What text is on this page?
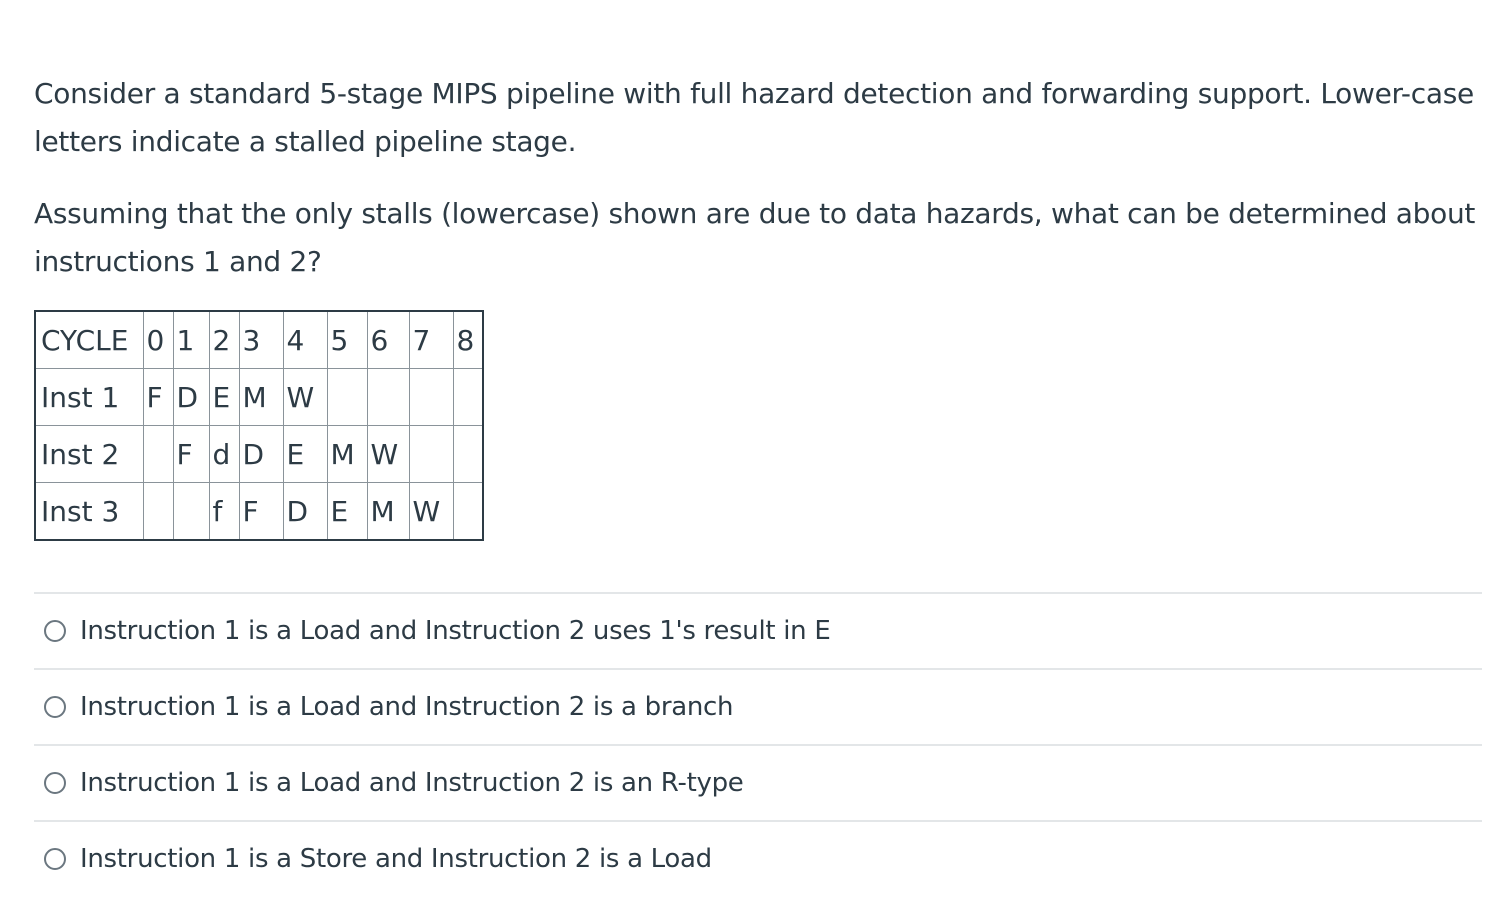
Consider a standard 5-stage MIPS pipeline with full hazard detection and forwarding support. Lower-case letters indicate a stalled pipeline stage.

Assuming that the only stalls (lowercase) shown are due to data hazards, what can be determined about instructions 1 and 2?

CYCLE	0	1	2	3	4	5	6	7	8
Inst 1	F	D	E	M	W				
Inst 2		F	d	D	E	M	W		
Inst 3			f	F	D	E	M	W	
Instruction 1 is a Load and Instruction 2 uses 1's result in E
Instruction 1 is a Load and Instruction 2 is a branch
Instruction 1 is a Load and Instruction 2 is an R-type
Instruction 1 is a Store and Instruction 2 is a Load
